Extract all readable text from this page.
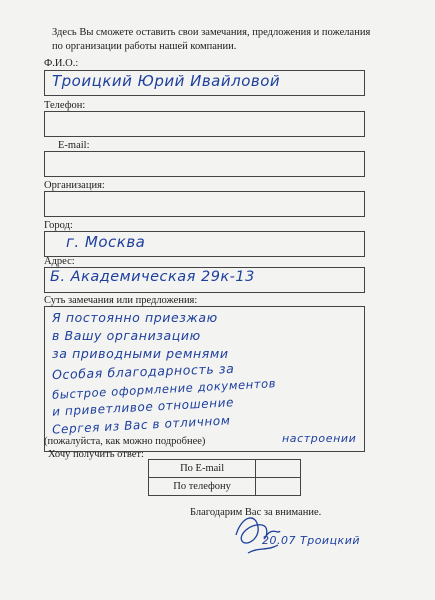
Здесь Вы сможете оставить свои замечания, предложения и пожелания по организации работы нашей компании.
Ф.И.О.:
Троицкий Юрий Ивайловой
Телефон:
E-mail:
Организация:
Город:
г. Москва
Адрес:
Б. Академическая 29к-13
Суть замечания или предложения:
Я постоянно приезжаю
в Вашу организацию
за приводными ремнями
Особая благодарность за
быстрое оформление документов
и приветливое отношение
Сергея из Вас в отличном
настроении
(пожалуйста, как можно подробнее)
Хочу получить ответ:
По E-mail	
По телефону	
Благодарим Вас за внимание.
20.07 Троицкий
